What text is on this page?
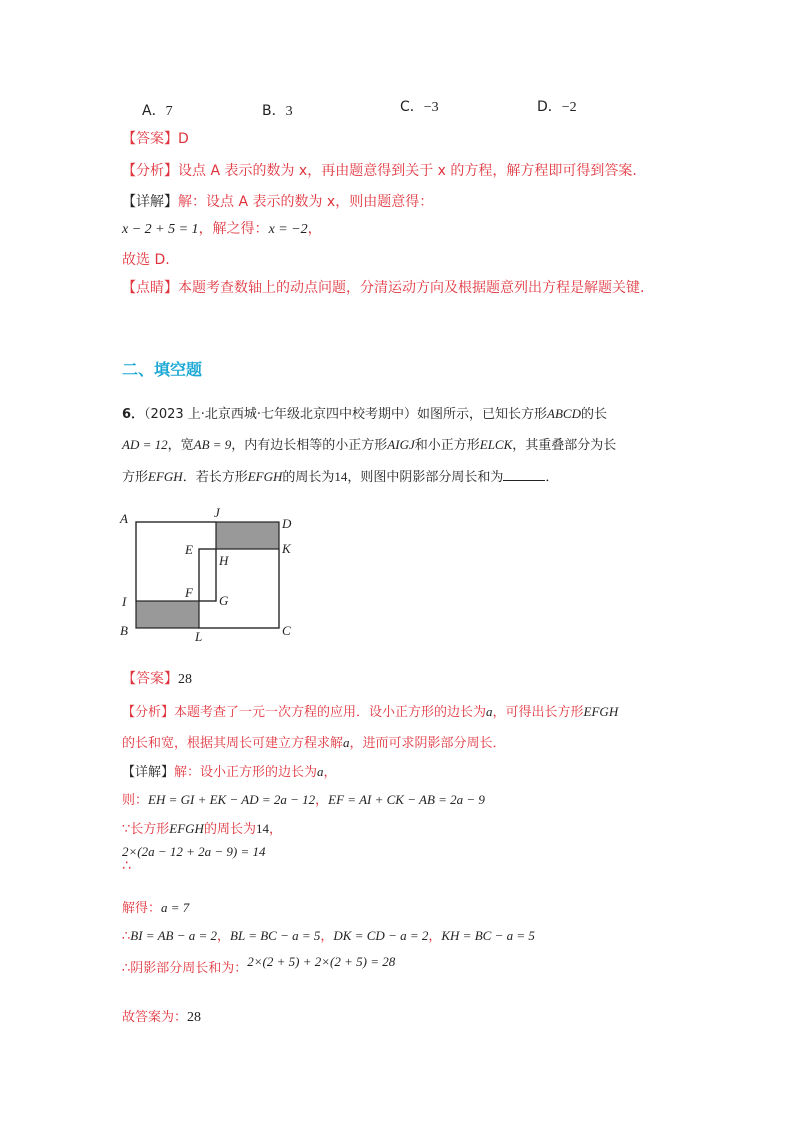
A．7	B．3	C．−3	D．−2
【答案】D
【分析】设点 A 表示的数为 x，再由题意得到关于 x 的方程，解方程即可得到答案.
【详解】解：设点 A 表示的数为 x，则由题意得：
x − 2 + 5 = 1，解之得：x = −2，
故选 D.
【点睛】本题考查数轴上的动点问题，分清运动方向及根据题意列出方程是解题关键.
二、填空题
6．（2023 上·北京西城·七年级北京四中校考期中）如图所示，已知长方形ABCD的长
AD = 12，宽AB = 9，内有边长相等的小正方形AIGJ和小正方形ELCK，其重叠部分为长
方形EFGH．若长方形EFGH的周长为14，则图中阴影部分周长和为	．
A	J
D
E
H
K
F
G
I
B	L	C
【答案】28
【分析】本题考查了一元一次方程的应用．设小正方形的边长为a，可得出长方形EFGH
的长和宽，根据其周长可建立方程求解a，进而可求阴影部分周长．
【详解】解：设小正方形的边长为a，
则：EH = GI + EK − AD = 2a − 12，EF = AI + CK − AB = 2a − 9
∵长方形EFGH的周长为14，
2×(2a − 12 + 2a − 9) = 14
∴
解得：a = 7
∴BI = AB − a = 2，BL = BC − a = 5，DK = CD − a = 2，KH = BC − a = 5
∴阴影部分周长和为：2×(2 + 5) + 2×(2 + 5) = 28
故答案为：28
